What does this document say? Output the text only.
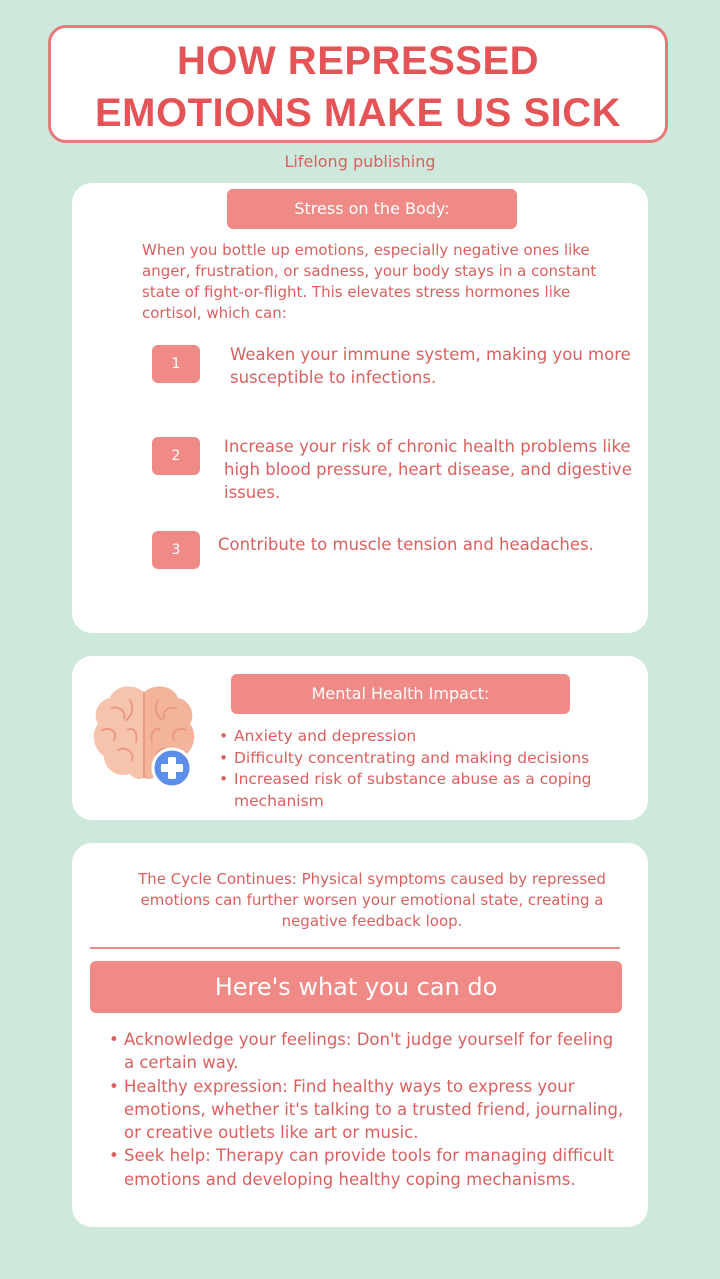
HOW REPRESSED
EMOTIONS MAKE US SICK
Lifelong publishing
Stress on the Body:
When you bottle up emotions, especially negative ones like anger, frustration, or sadness, your body stays in a constant state of fight-or-flight. This elevates stress hormones like cortisol, which can:
1	Weaken your immune system, making you more susceptible to infections.
2	Increase your risk of chronic health problems like high blood pressure, heart disease, and digestive issues.
3	Contribute to muscle tension and headaches.
Mental Health Impact:
• Anxiety and depression
• Difficulty concentrating and making decisions
• Increased risk of substance abuse as a coping mechanism
The Cycle Continues: Physical symptoms caused by repressed emotions can further worsen your emotional state, creating a negative feedback loop.
Here's what you can do
• Acknowledge your feelings: Don't judge yourself for feeling a certain way.
• Healthy expression: Find healthy ways to express your emotions, whether it's talking to a trusted friend, journaling, or creative outlets like art or music.
• Seek help: Therapy can provide tools for managing difficult emotions and developing healthy coping mechanisms.
